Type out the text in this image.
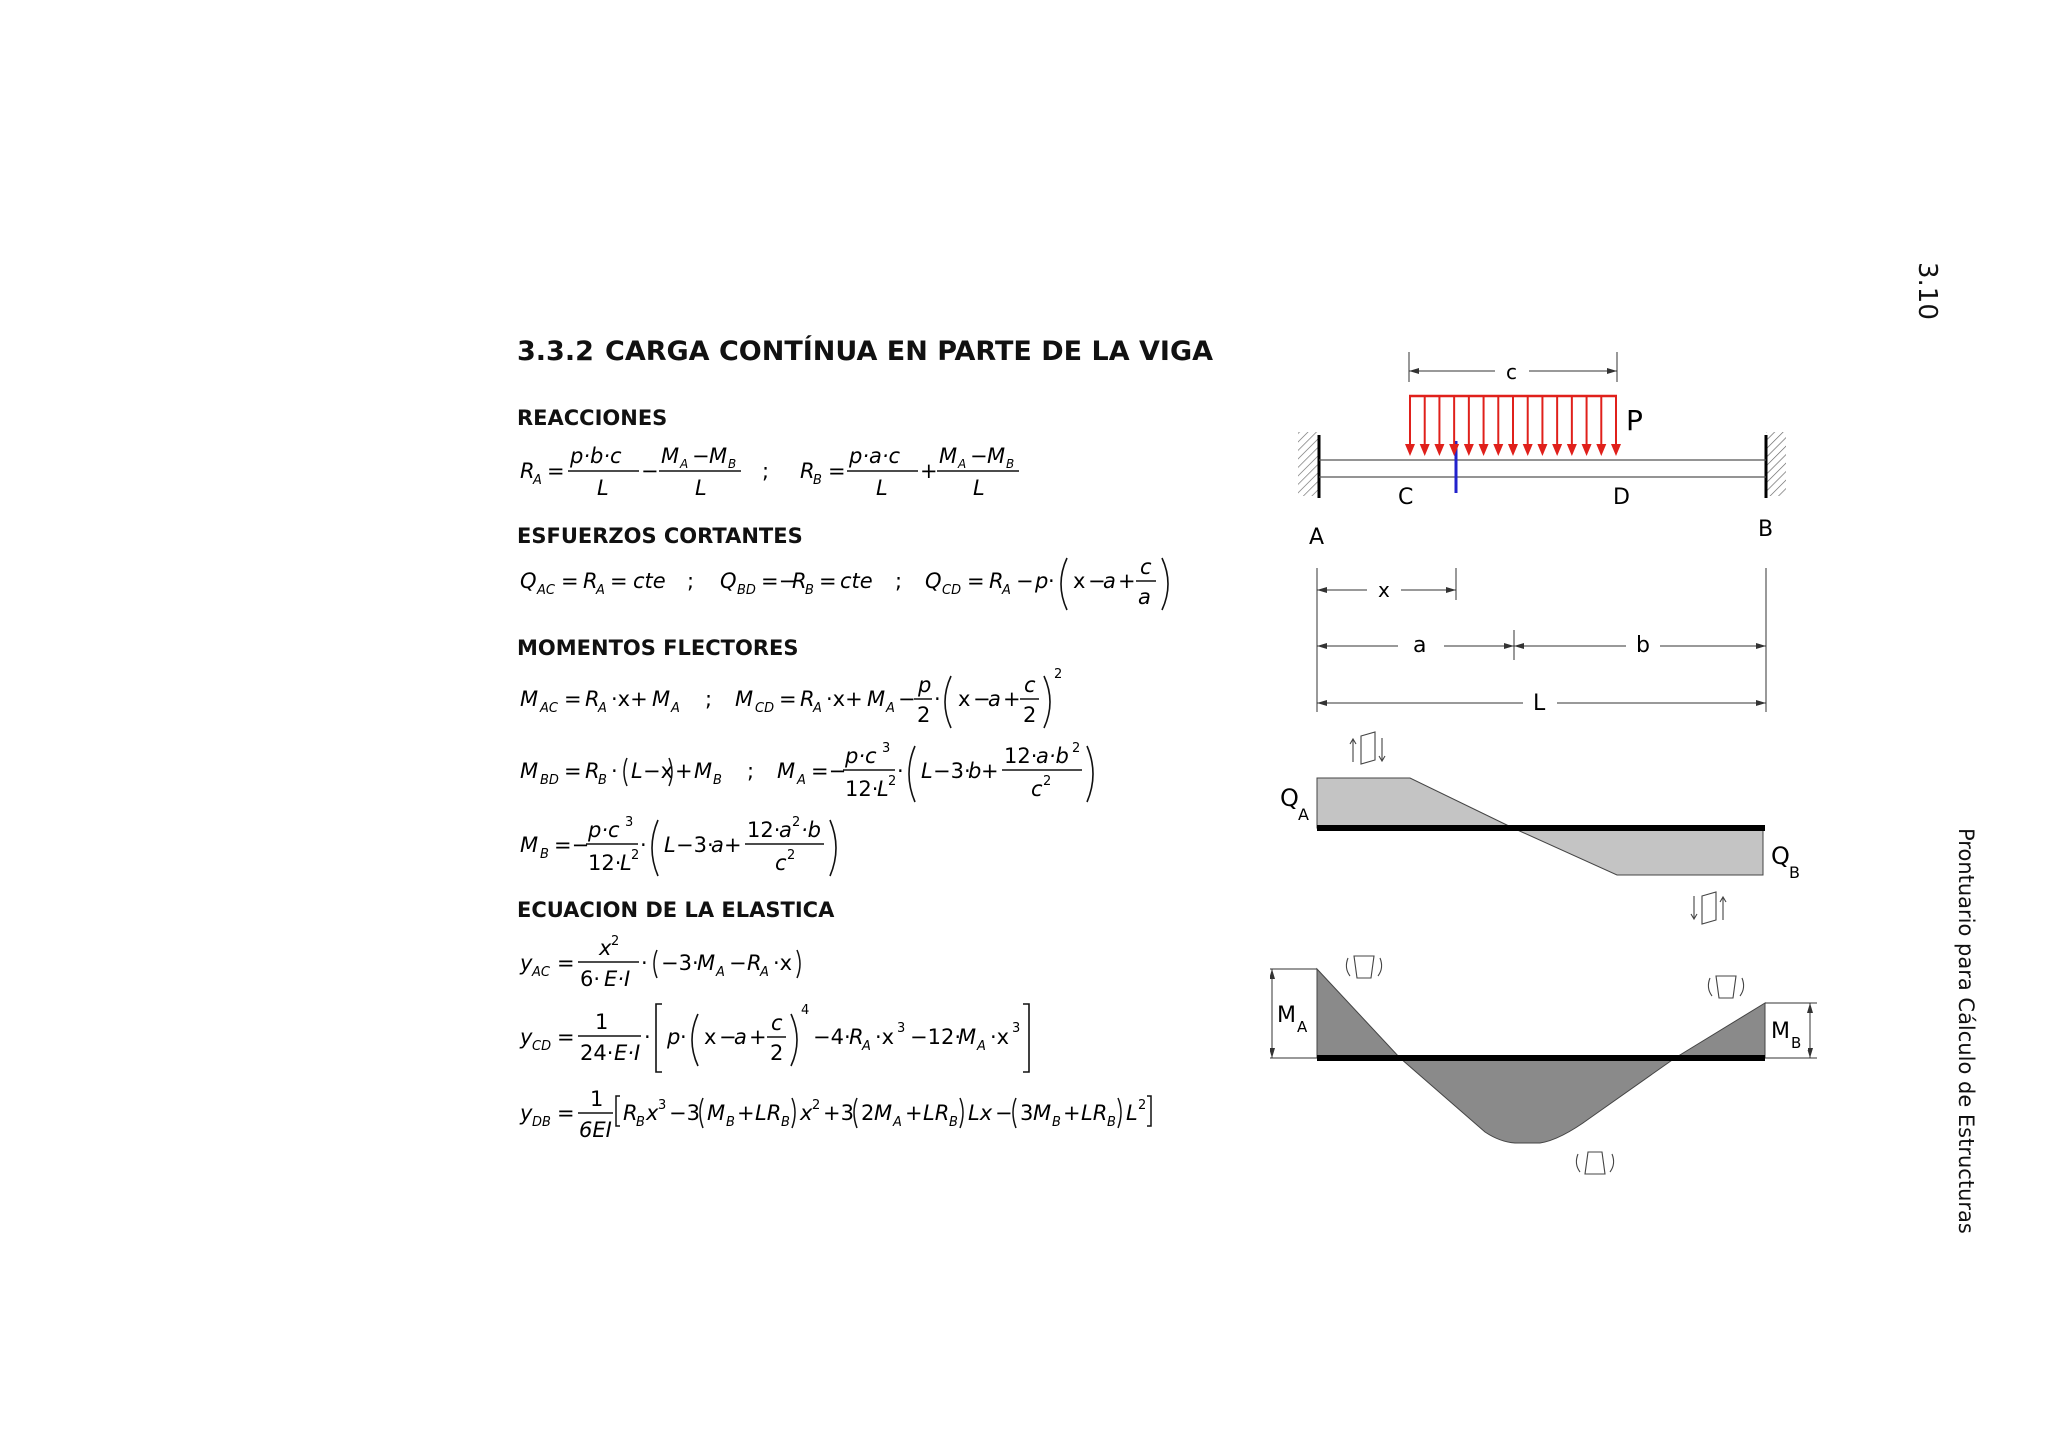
3.10
Prontuario para Cálculo de Estructuras
3.3.2 CARGA CONTÍNUA EN PARTE DE LA VIGA
REACCIONES
R
A =
p·b·c
L
−
M A − M B
L
; R
B =
p·a·c
L
+
M A − M B
L
ESFUERZOS CORTANTES
Q AC = R
A = cte ; Q BD =−
R
B = cte ; Q CD = R
A − p · x −
a +
c
a
MOMENTOS FLECTORES
M AC = R
A ·x+ M A ; M CD = R
A ·x+ M A −
p
2
· x −
a +
c
2
2
M BD = R
B · L −x + M B ; M A =−
p·c 3
12·
L 2 · L −3·
b +
12·
a·b 2
c 2
M B =−
p·c 3
12·
L 2 · L −3·
a +
12·
a 2 ·b
c 2
ECUACION DE LA ELASTICA
y AC =
x 2
6· E·I
· −3·
M A − R
A ·x
y CD =
1
24· E·I
· p · x −
a +
c
2
4
−4·
R
A ·x 3 −12·
M A ·x 3
y DB =
1
6EI
R
B x 3 −3 M B + LR B x 2 +3 2 M A + LR B Lx − 3 M B + LR B L 2
P
c
C	D
A	B
x
a	b
L
Q
A
Q
B
M A	M B
